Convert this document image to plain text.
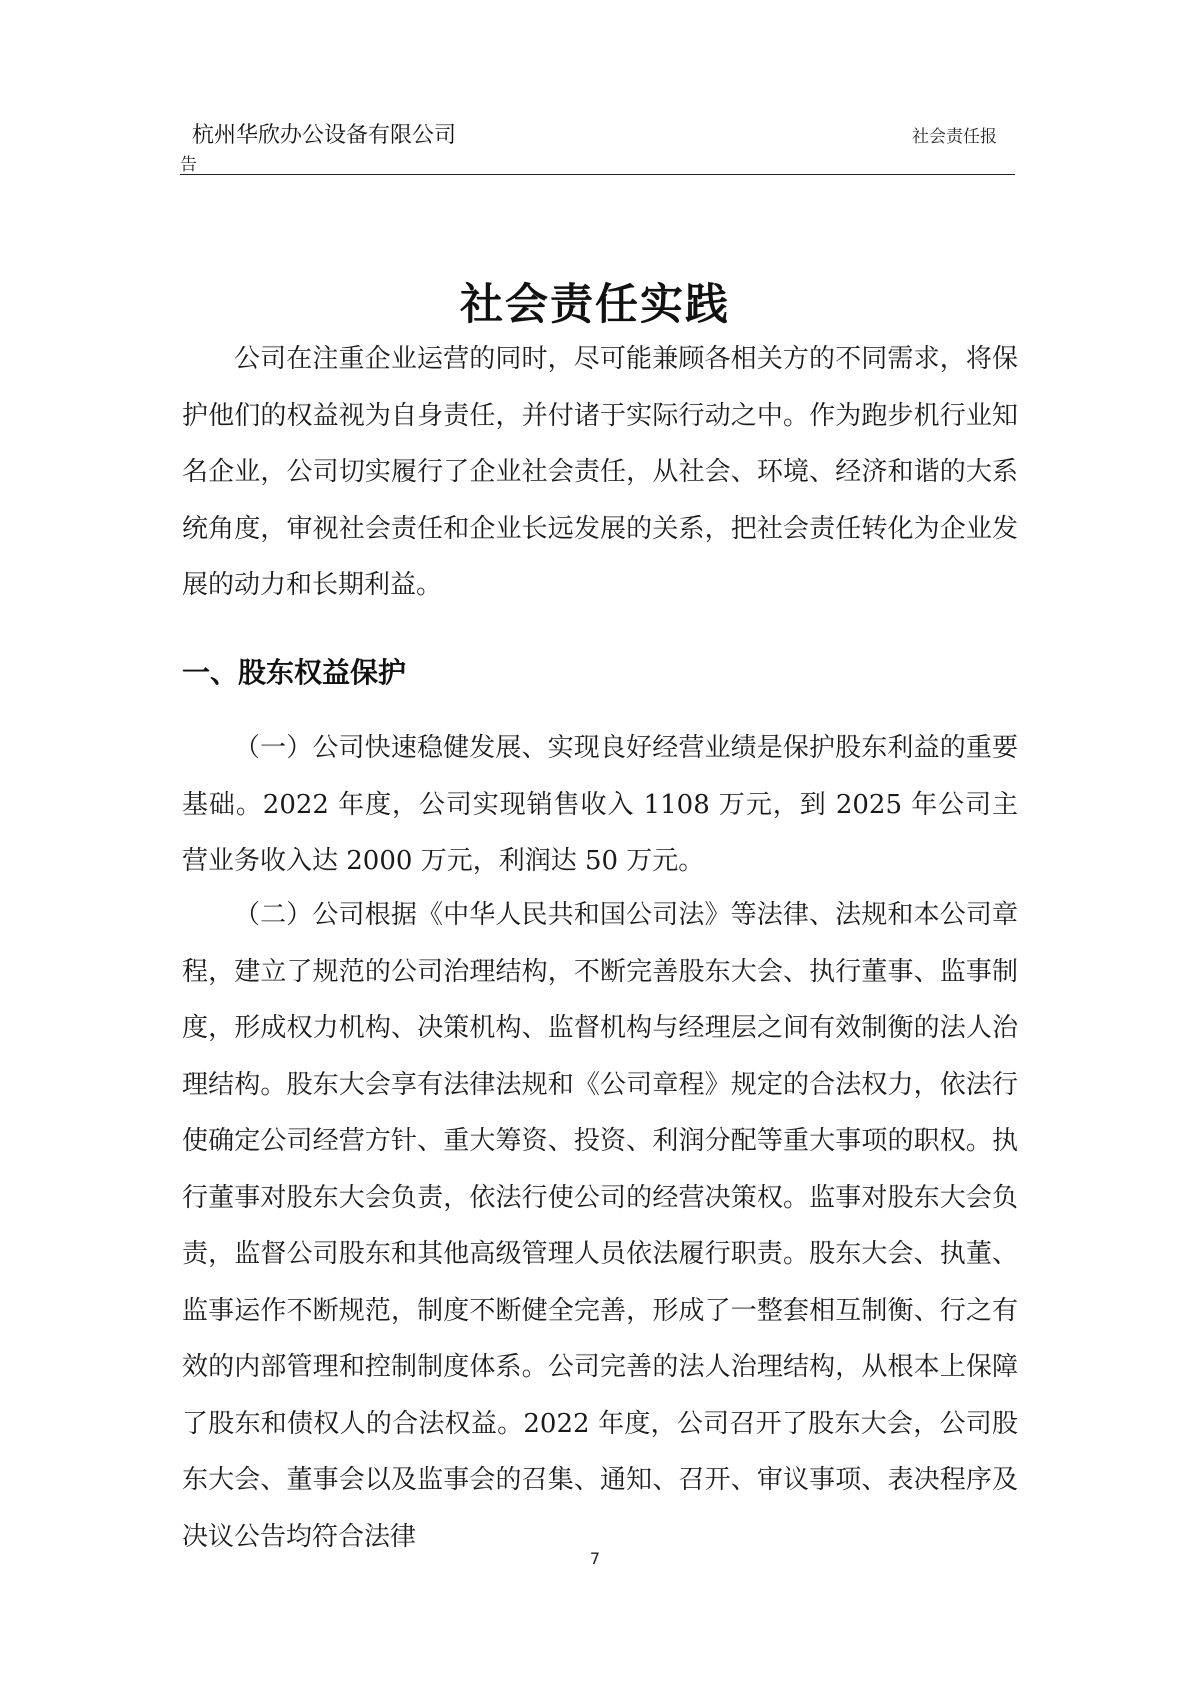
杭州华欣办公设备有限公司	社会责任报
告
社会责任实践

公司在注重企业运营的同时，尽可能兼顾各相关方的不同需求，将保护他们的权益视为自身责任，并付诸于实际行动之中。作为跑步机行业知名企业，公司切实履行了企业社会责任，从社会、环境、经济和谐的大系统角度，审视社会责任和企业长远发展的关系，把社会责任转化为企业发展的动力和长期利益。

一、股东权益保护

（一）公司快速稳健发展、实现良好经营业绩是保护股东利益的重要基础。2022 年度，公司实现销售收入 1108 万元，到 2025 年公司主营业务收入达 2000 万元，利润达 50 万元。

（二）公司根据《中华人民共和国公司法》等法律、法规和本公司章程，建立了规范的公司治理结构，不断完善股东大会、执行董事、监事制度，形成权力机构、决策机构、监督机构与经理层之间有效制衡的法人治理结构。股东大会享有法律法规和《公司章程》规定的合法权力，依法行使确定公司经营方针、重大筹资、投资、利润分配等重大事项的职权。执行董事对股东大会负责，依法行使公司的经营决策权。监事对股东大会负责，监督公司股东和其他高级管理人员依法履行职责。股东大会、执董、监事运作不断规范，制度不断健全完善，形成了一整套相互制衡、行之有效的内部管理和控制制度体系。公司完善的法人治理结构，从根本上保障了股东和债权人的合法权益。2022 年度，公司召开了股东大会，公司股东大会、董事会以及监事会的召集、通知、召开、审议事项、表决程序及决议公告均符合法律

7
